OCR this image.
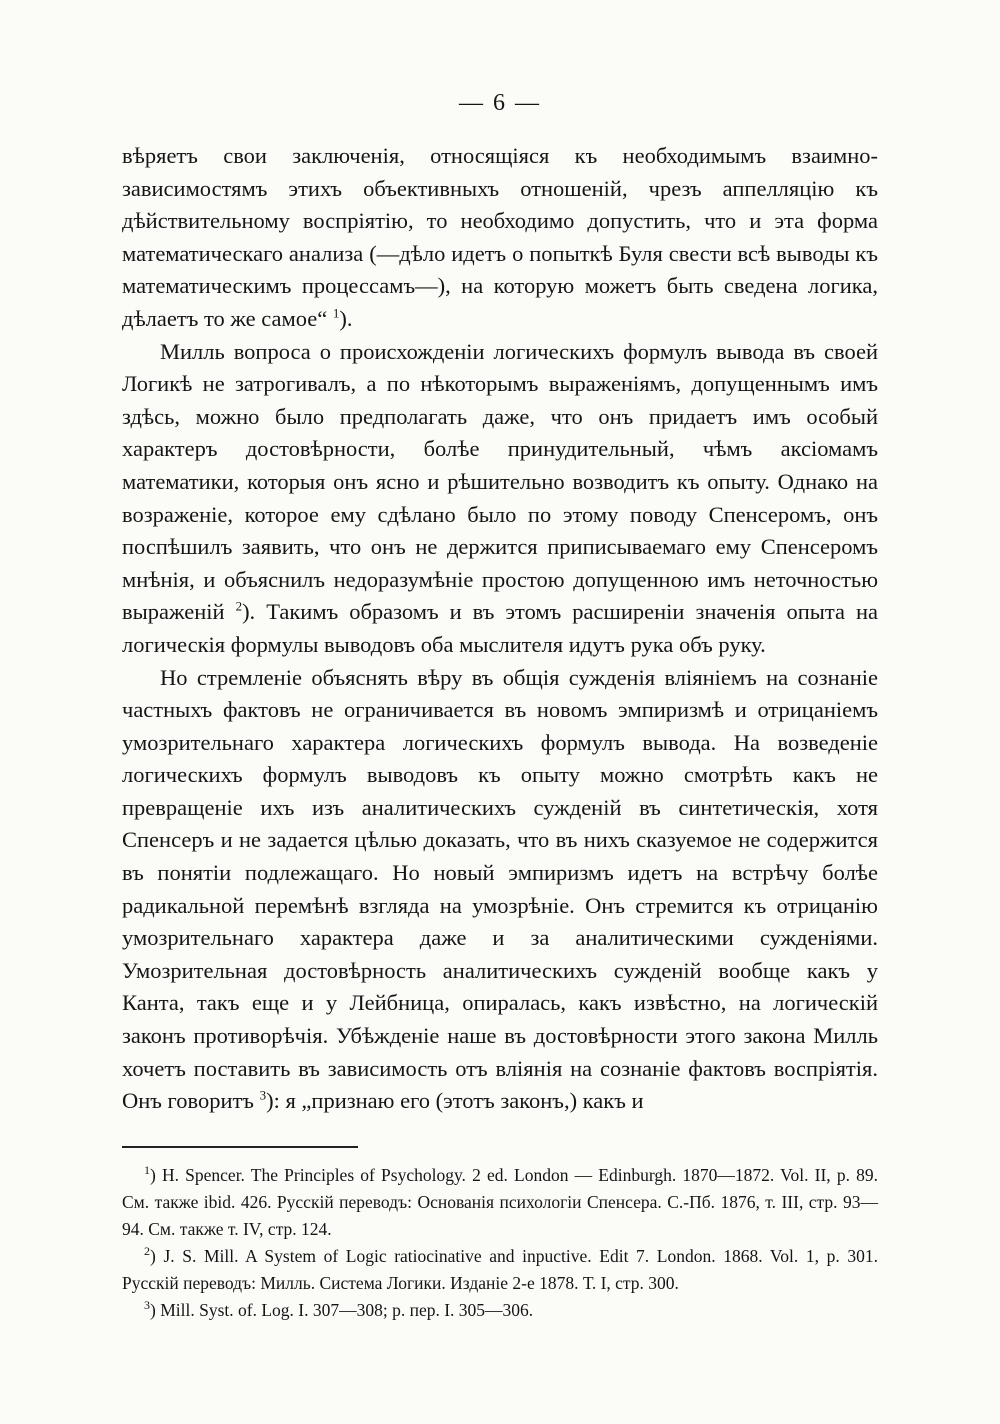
— 6 —

вѣряетъ свои заключенія, относящіяся къ необходимымъ взаимно-зависимостямъ этихъ объективныхъ отношеній, чрезъ аппелляцію къ дѣйствительному воспріятію, то необходимо допустить, что и эта форма математическаго анализа (—дѣло идетъ о попыткѣ Буля свести всѣ выводы къ математическимъ процессамъ—), на которую можетъ быть сведена логика, дѣлаетъ то же самое“ $^1$).

Милль вопроса о происхожденіи логическихъ формулъ вывода въ своей Логикѣ не затрогивалъ, а по нѣкоторымъ выраженіямъ, допущеннымъ имъ здѣсь, можно было предполагать даже, что онъ придаетъ имъ особый характеръ достовѣрности, болѣе принудительный, чѣмъ аксіомамъ математики, которыя онъ ясно и рѣшительно возводитъ къ опыту. Однако на возраженіе, которое ему сдѣлано было по этому поводу Спенсеромъ, онъ поспѣшилъ заявить, что онъ не держится приписываемаго ему Спенсеромъ мнѣнія, и объяснилъ недоразумѣніе простою допущенною имъ неточностью выраженій $^2$). Такимъ образомъ и въ этомъ расширеніи значенія опыта на логическія формулы выводовъ оба мыслителя идутъ рука объ руку.

Но стремленіе объяснять вѣру въ общія сужденія вліяніемъ на сознаніе частныхъ фактовъ не ограничивается въ новомъ эмпиризмѣ и отрицаніемъ умозрительнаго характера логическихъ формулъ вывода. На возведеніе логическихъ формулъ выводовъ къ опыту можно смотрѣть какъ не превращеніе ихъ изъ аналитическихъ сужденій въ синтетическія, хотя Спенсеръ и не задается цѣлью доказать, что въ нихъ сказуемое не содержится въ понятіи подлежащаго. Но новый эмпиризмъ идетъ на встрѣчу болѣе радикальной перемѣнѣ взгляда на умозрѣніе. Онъ стремится къ отрицанію умозрительнаго характера даже и за аналитическими сужденіями. Умозрительная достовѣрность аналитическихъ сужденій вообще какъ у Канта, такъ еще и у Лейбница, опиралась, какъ извѣстно, на логическій законъ противорѣчія. Убѣжденіе наше въ достовѣрности этого закона Милль хочетъ поставить въ зависимость отъ вліянія на сознаніе фактовъ воспріятія. Онъ говоритъ $^3$): я „признаю его (этотъ законъ,) какъ и

$^1$) H. Spencer. The Principles of Psychology. 2 ed. London — Edinburgh. 1870—1872. Vol. II, p. 89. См. также ibid. 426. Русскій переводъ: Основанія психологіи Спенсера. С.-Пб. 1876, т. III, стр. 93—94. См. также т. IV, стр. 124.

$^2$) J. S. Mill. A System of Logic ratiocinative and inpuctive. Edit 7. London. 1868. Vol. 1, p. 301. Русскій переводъ: Милль. Система Логики. Изданіе 2-е 1878. Т. I, стр. 300.

$^3$) Mill. Syst. of. Log. I. 307—308; р. пер. I. 305—306.
